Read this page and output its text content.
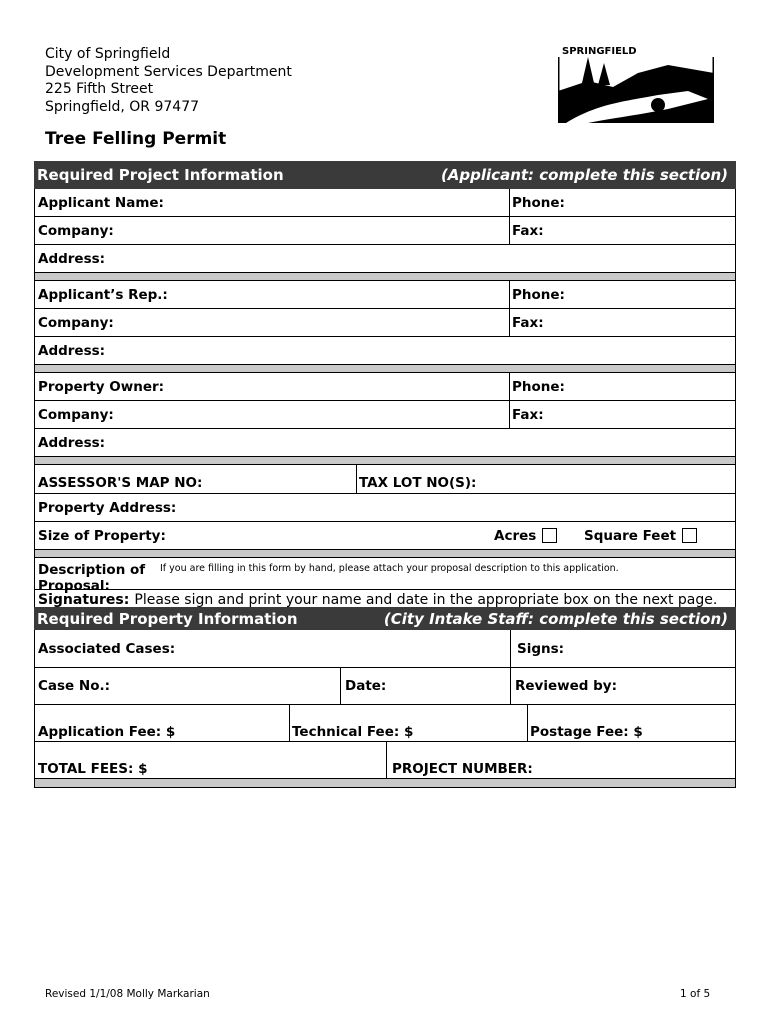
City of Springfield
Development Services Department
225 Fifth Street
Springfield, OR 97477
SPRINGFIELD
Tree Felling Permit
Required Project Information	(Applicant: complete this section)
Applicant Name:	Phone:
Company:	Fax:
Address:
Applicant’s Rep.:	Phone:
Company:	Fax:
Address:
Property Owner:	Phone:
Company:	Fax:
Address:
ASSESSOR'S MAP NO:	TAX LOT NO(S):
Property Address:
Size of Property:	Acres	Square Feet
Description of
Proposal:
If you are filling in this form by hand, please attach your proposal description to this application.
Signatures: Please sign and print your name and date in the appropriate box on the next page.
Required Property Information	(City Intake Staff: complete this section)
Associated Cases:	Signs:
Case No.:	Date:	Reviewed by:
Application Fee: $	Technical Fee: $	Postage Fee: $
TOTAL FEES: $	PROJECT NUMBER:
Revised 1/1/08 Molly Markarian	1 of 5
